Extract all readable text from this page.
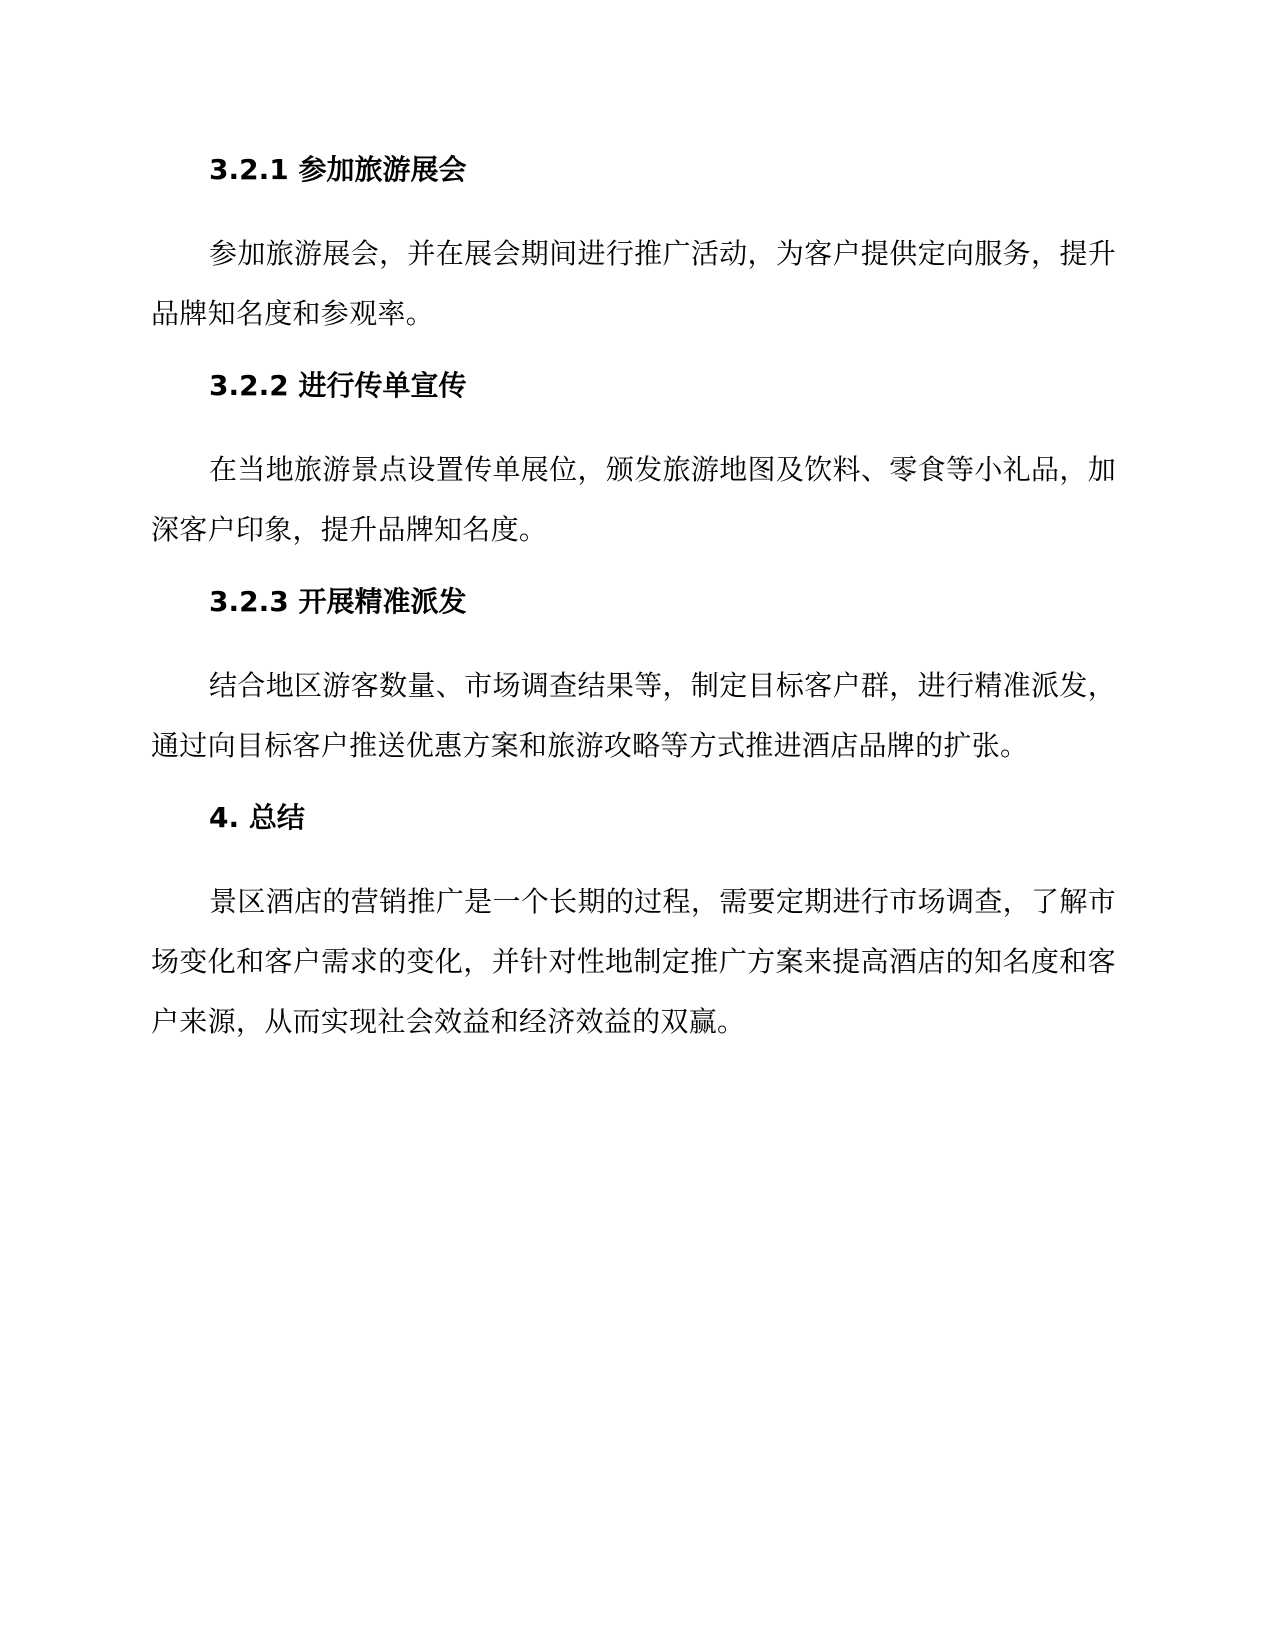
3.2.1 参加旅游展会

参加旅游展会，并在展会期间进行推广活动，为客户提供定向服务，提升品牌知名度和参观率。

3.2.2 进行传单宣传

在当地旅游景点设置传单展位，颁发旅游地图及饮料、零食等小礼品，加深客户印象，提升品牌知名度。

3.2.3 开展精准派发

结合地区游客数量、市场调查结果等，制定目标客户群，进行精准派发，通过向目标客户推送优惠方案和旅游攻略等方式推进酒店品牌的扩张。

4. 总结

景区酒店的营销推广是一个长期的过程，需要定期进行市场调查，了解市场变化和客户需求的变化，并针对性地制定推广方案来提高酒店的知名度和客户来源，从而实现社会效益和经济效益的双赢。
